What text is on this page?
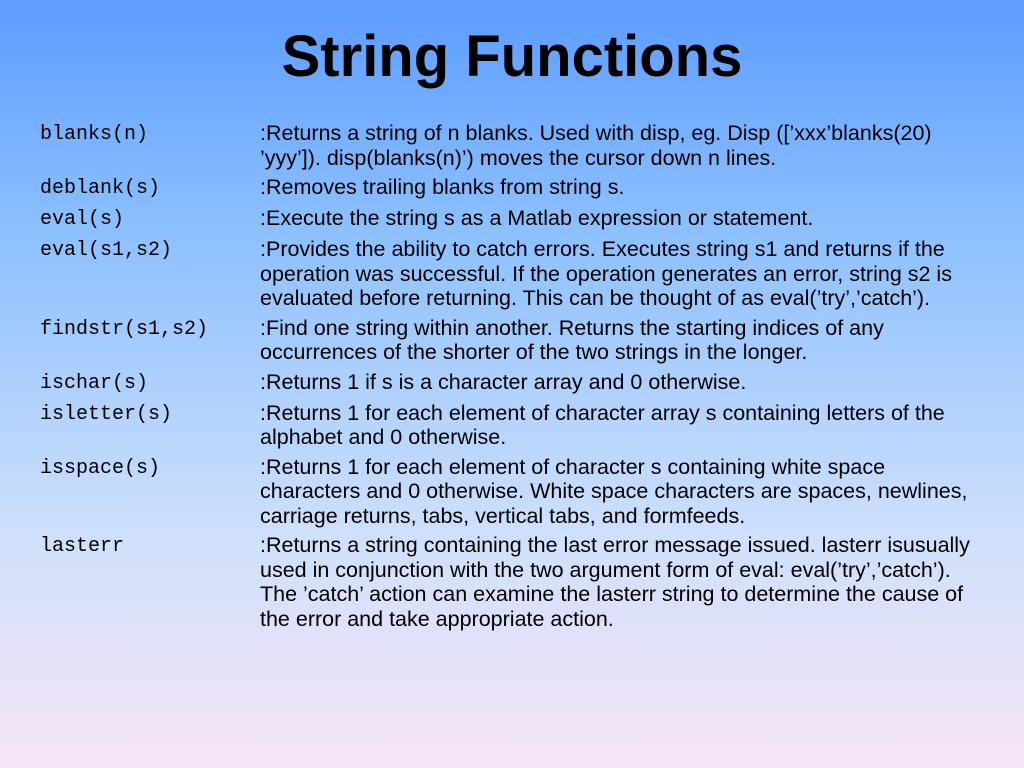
String Functions
blanks(n)	:Returns a string of n blanks. Used with disp, eg. Disp ([’xxx’blanks(20) ’yyy’]). disp(blanks(n)’) moves the cursor down n lines.
deblank(s)	:Removes trailing blanks from string s.
eval(s)	:Execute the string s as a Matlab expression or statement.
eval(s1,s2)	:Provides the ability to catch errors. Executes string s1 and returns if the operation was successful. If the operation generates an error, string s2 is evaluated before returning. This can be thought of as eval(’try’,’catch’).
findstr(s1,s2)	:Find one string within another. Returns the starting indices of any occurrences of the shorter of the two strings in the longer.
ischar(s)	:Returns 1 if s is a character array and 0 otherwise.
isletter(s)	:Returns 1 for each element of character array s containing letters of the alphabet and 0 otherwise.
isspace(s)	:Returns 1 for each element of character s containing white space characters and 0 otherwise. White space characters are spaces, newlines, carriage returns, tabs, vertical tabs, and formfeeds.
lasterr	:Returns a string containing the last error message issued. lasterr isusually used in conjunction with the two argument form of eval: eval(’try’,’catch’). The ’catch’ action can examine the lasterr string to determine the cause of the error and take appropriate action.
